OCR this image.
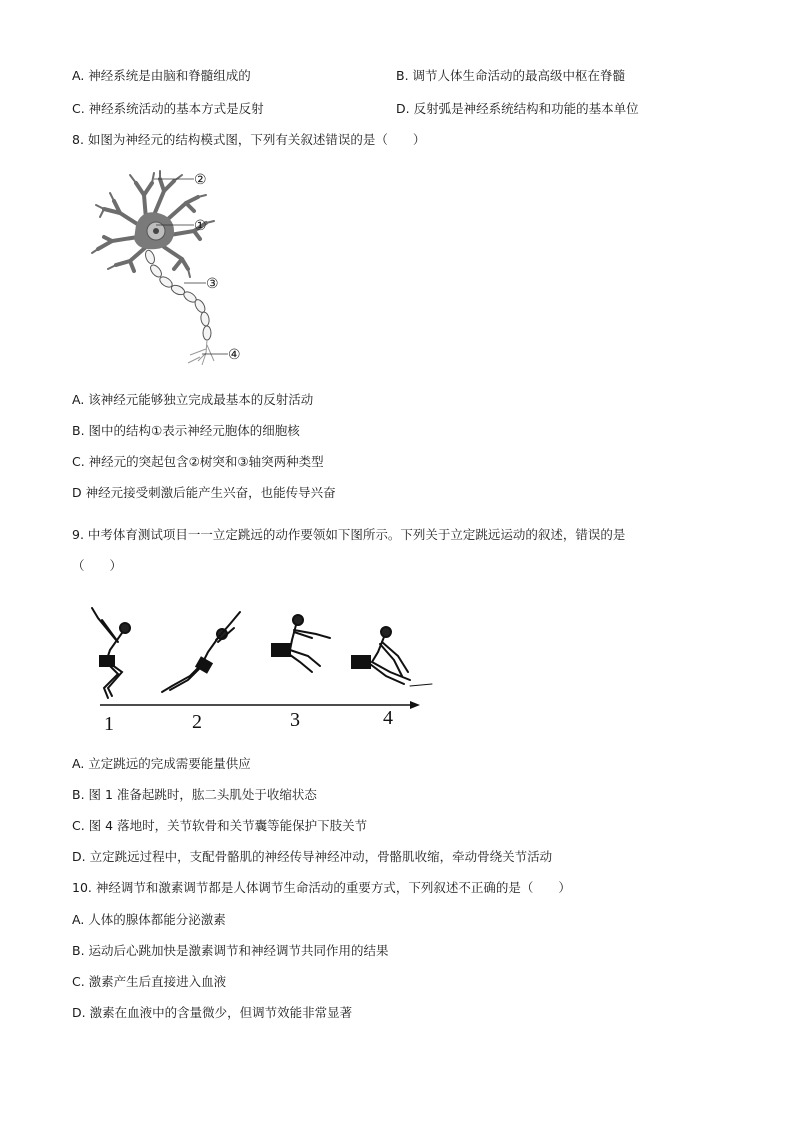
A. 神经系统是由脑和脊髓组成的	B. 调节人体生命活动的最高级中枢在脊髓
C. 神经系统活动的基本方式是反射	D. 反射弧是神经系统结构和功能的基本单位
8. 如图为神经元的结构模式图，下列有关叙述错误的是（　　）
②
①
③
④
A. 该神经元能够独立完成最基本的反射活动
B. 图中的结构①表示神经元胞体的细胞核
C. 神经元的突起包含②树突和③轴突两种类型
D 神经元接受刺激后能产生兴奋，也能传导兴奋
9. 中考体育测试项目一一立定跳远的动作要领如下图所示。下列关于立定跳远运动的叙述，错误的是
（　　）
1	2	3	4
A. 立定跳远的完成需要能量供应
B. 图 1 准备起跳时，肱二头肌处于收缩状态
C. 图 4 落地时，关节软骨和关节囊等能保护下肢关节
D. 立定跳远过程中，支配骨骼肌的神经传导神经冲动，骨骼肌收缩，牵动骨绕关节活动
10. 神经调节和激素调节都是人体调节生命活动的重要方式，下列叙述不正确的是（　　）
A. 人体的腺体都能分泌激素
B. 运动后心跳加快是激素调节和神经调节共同作用的结果
C. 激素产生后直接进入血液
D. 激素在血液中的含量微少，但调节效能非常显著
